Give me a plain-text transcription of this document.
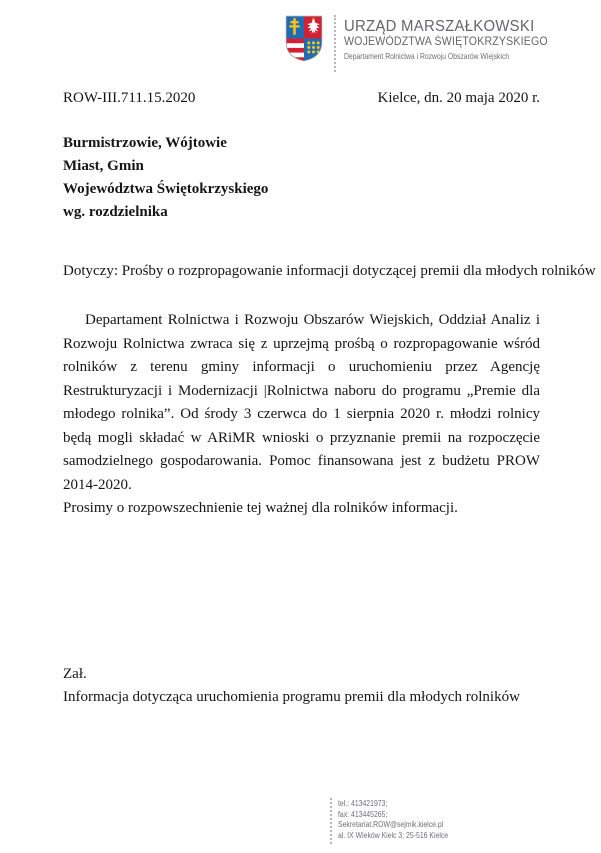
URZĄD MARSZAŁKOWSKI
WOJEWÓDZTWA ŚWIĘTOKRZYSKIEGO
Departament Rolnictwa i Rozwoju Obszarów Wiejskich
ROW-III.711.15.2020	Kielce, dn. 20 maja 2020 r.
Burmistrzowie, Wójtowie
Miast, Gmin
Województwa Świętokrzyskiego
wg. rozdzielnika

Dotyczy: Prośby o rozpropagowanie informacji dotyczącej premii dla młodych rolników

Departament Rolnictwa i Rozwoju Obszarów Wiejskich, Oddział Analiz i Rozwoju Rolnictwa zwraca się z uprzejmą prośbą o rozpropagowanie wśród rolników z terenu gminy informacji o uruchomieniu przez Agencję Restrukturyzacji i Modernizacji |Rolnictwa naboru do programu „Premie dla młodego rolnika”. Od środy 3 czerwca do 1 sierpnia 2020 r. młodzi rolnicy będą mogli składać w ARiMR wnioski o przyznanie premii na rozpoczęcie samodzielnego gospodarowania. Pomoc finansowana jest z budżetu PROW 2014-2020.

Prosimy o rozpowszechnienie tej ważnej dla rolników informacji.

Zał.
Informacja dotycząca uruchomienia programu premii dla młodych rolników
tel.: 413421973;
fax: 413445265;
Sekretariat.ROW@sejmik.kielce.pl
al. IX Wieków Kielc 3; 25-516 Kielce
